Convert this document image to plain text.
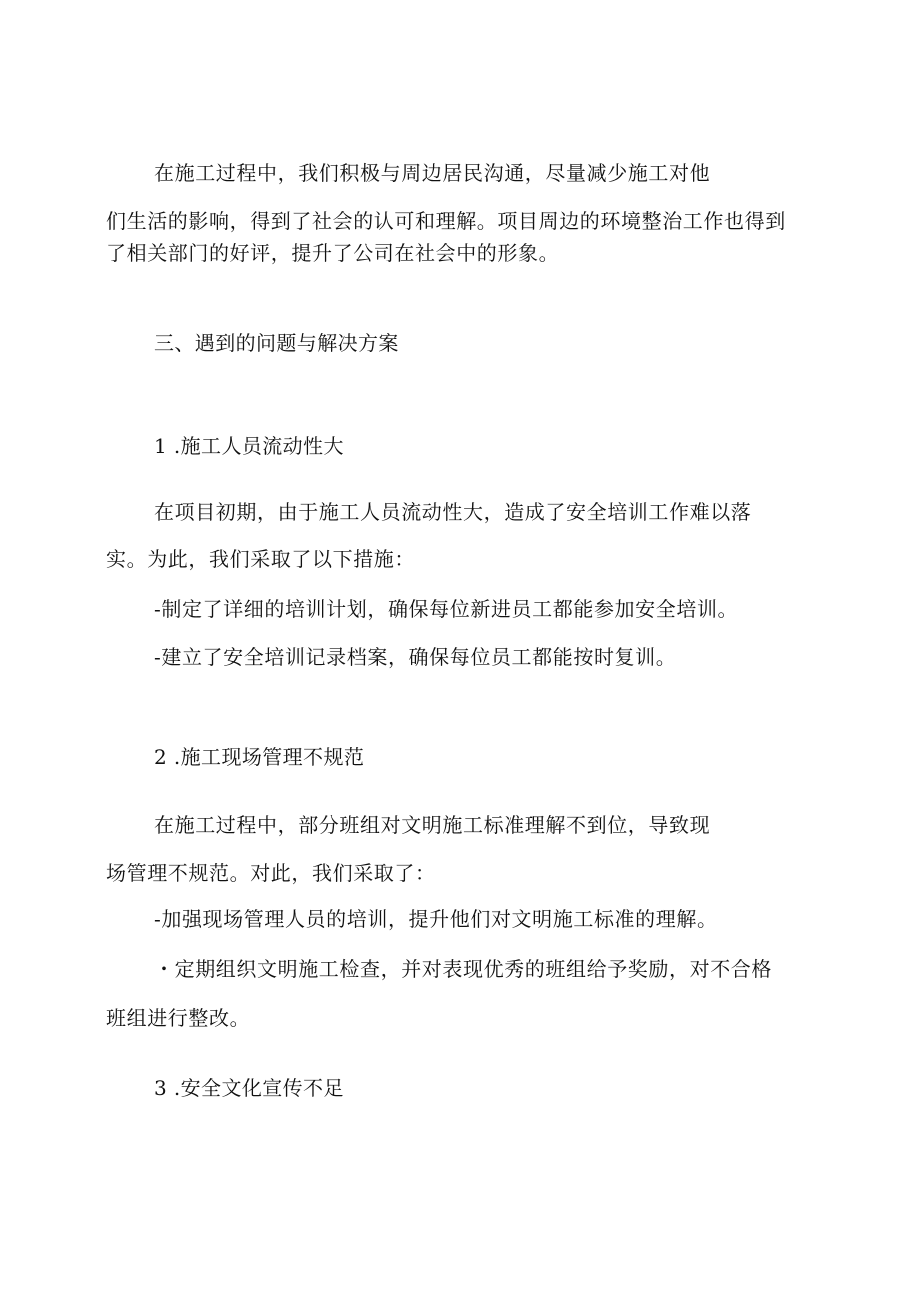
在施工过程中，我们积极与周边居民沟通，尽量减少施工对他
们生活的影响，得到了社会的认可和理解。项目周边的环境整治工作也得到
了相关部门的好评，提升了公司在社会中的形象。
三、遇到的问题与解决方案
1 .施工人员流动性大
在项目初期，由于施工人员流动性大，造成了安全培训工作难以落
实。为此，我们采取了以下措施：
-制定了详细的培训计划，确保每位新进员工都能参加安全培训。
-建立了安全培训记录档案，确保每位员工都能按时复训。
2 .施工现场管理不规范
在施工过程中，部分班组对文明施工标准理解不到位，导致现
场管理不规范。对此，我们采取了：
-加强现场管理人员的培训，提升他们对文明施工标准的理解。
・定期组织文明施工检查，并对表现优秀的班组给予奖励，对不合格
班组进行整改。
3 .安全文化宣传不足
